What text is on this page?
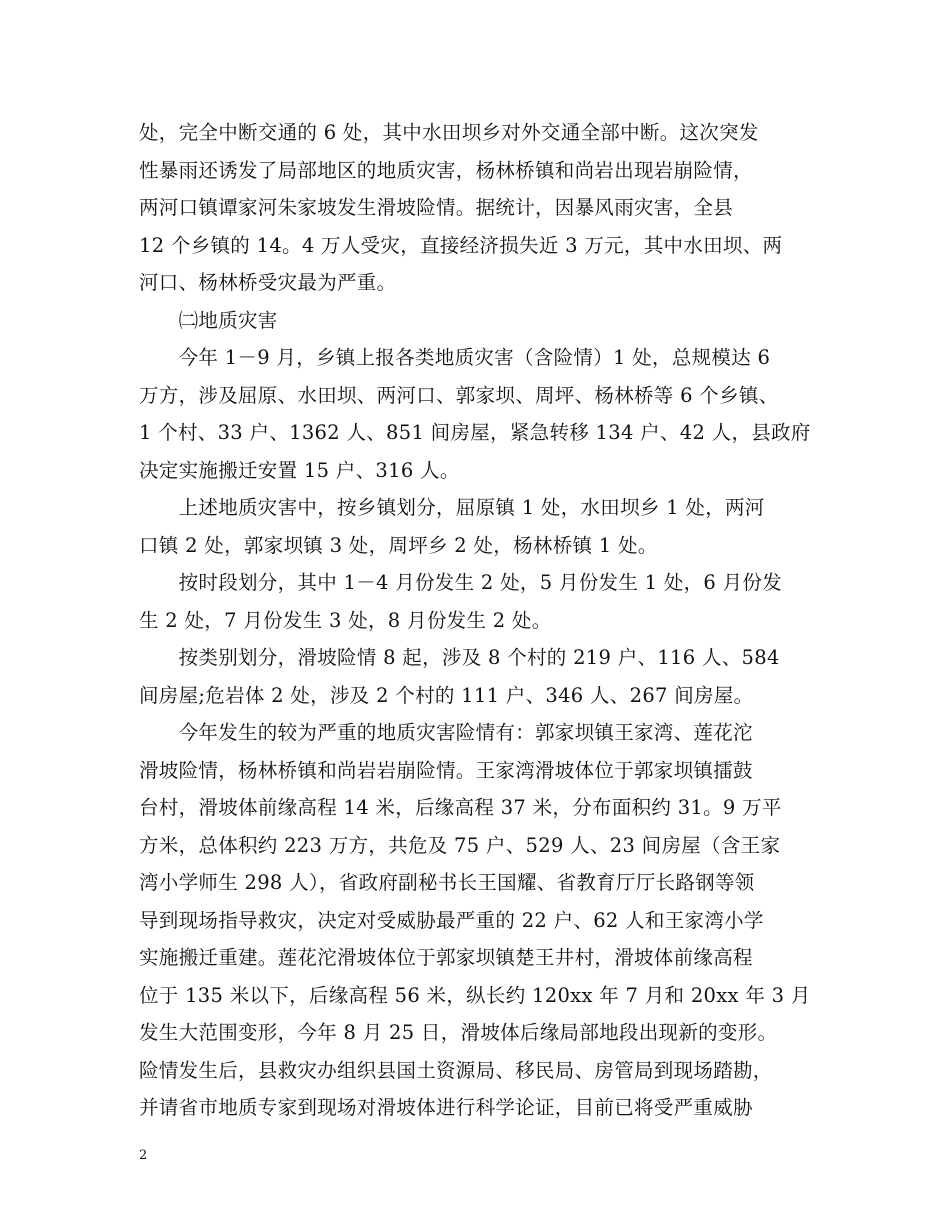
处，完全中断交通的 6 处，其中水田坝乡对外交通全部中断。这次突发
性暴雨还诱发了局部地区的地质灾害，杨林桥镇和尚岩出现岩崩险情，
两河口镇谭家河朱家坡发生滑坡险情。据统计，因暴风雨灾害，全县
12 个乡镇的 14。4 万人受灾，直接经济损失近 3 万元，其中水田坝、两
河口、杨林桥受灾最为严重。
　　㈡地质灾害
　　今年 1－9 月，乡镇上报各类地质灾害（含险情）1 处，总规模达 6
万方，涉及屈原、水田坝、两河口、郭家坝、周坪、杨林桥等 6 个乡镇、
1 个村、33 户、1362 人、851 间房屋，紧急转移 134 户、42 人，县政府
决定实施搬迁安置 15 户、316 人。
　　上述地质灾害中，按乡镇划分，屈原镇 1 处，水田坝乡 1 处，两河
口镇 2 处，郭家坝镇 3 处，周坪乡 2 处，杨林桥镇 1 处。
　　按时段划分，其中 1－4 月份发生 2 处，5 月份发生 1 处，6 月份发
生 2 处，7 月份发生 3 处，8 月份发生 2 处。
　　按类别划分，滑坡险情 8 起，涉及 8 个村的 219 户、116 人、584
间房屋;危岩体 2 处，涉及 2 个村的 111 户、346 人、267 间房屋。
　　今年发生的较为严重的地质灾害险情有：郭家坝镇王家湾、莲花沱
滑坡险情，杨林桥镇和尚岩岩崩险情。王家湾滑坡体位于郭家坝镇擂鼓
台村，滑坡体前缘高程 14 米，后缘高程 37 米，分布面积约 31。9 万平
方米，总体积约 223 万方，共危及 75 户、529 人、23 间房屋（含王家
湾小学师生 298 人），省政府副秘书长王国耀、省教育厅厅长路钢等领
导到现场指导救灾，决定对受威胁最严重的 22 户、62 人和王家湾小学
实施搬迁重建。莲花沱滑坡体位于郭家坝镇楚王井村，滑坡体前缘高程
位于 135 米以下，后缘高程 56 米，纵长约 120xx 年 7 月和 20xx 年 3 月
发生大范围变形，今年 8 月 25 日，滑坡体后缘局部地段出现新的变形。
险情发生后，县救灾办组织县国土资源局、移民局、房管局到现场踏勘，
并请省市地质专家到现场对滑坡体进行科学论证，目前已将受严重威胁
2
